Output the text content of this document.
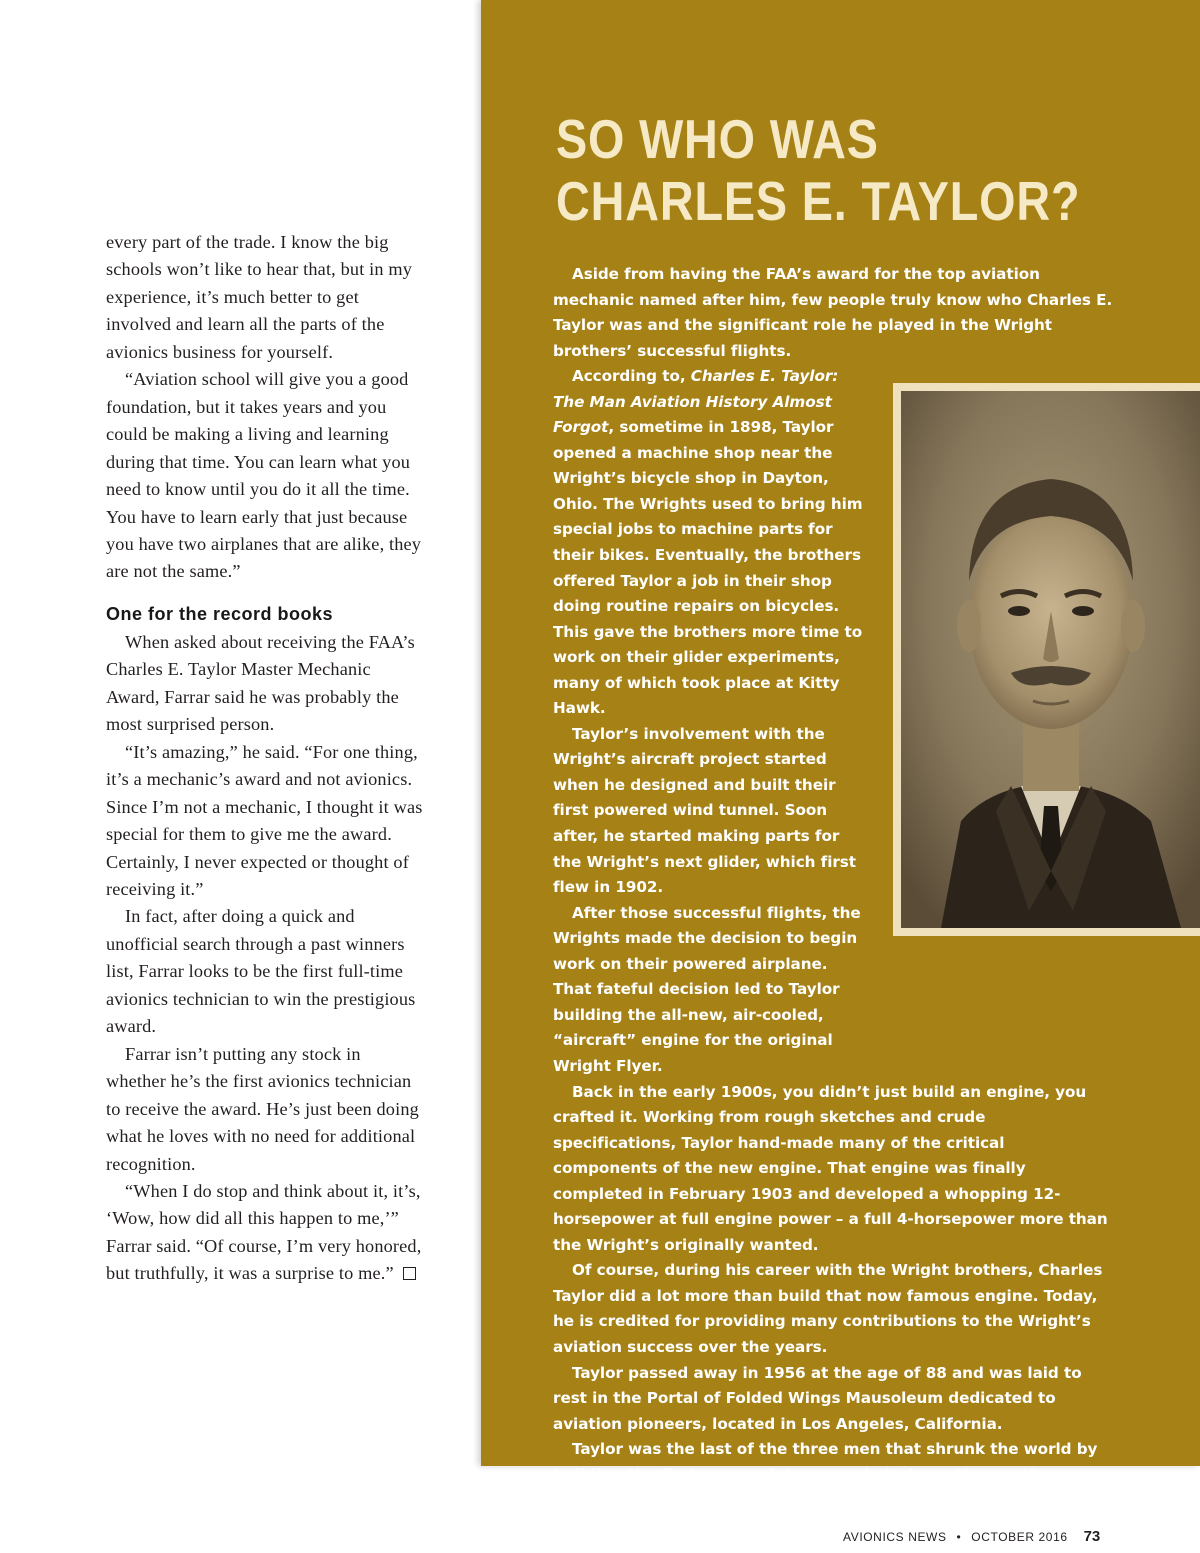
every part of the trade. I know the big schools won’t like to hear that, but in my experience, it’s much better to get involved and learn all the parts of the avionics business for yourself.

“Aviation school will give you a good foundation, but it takes years and you could be making a living and learning during that time. You can learn what you need to know until you do it all the time. You have to learn early that just because you have two airplanes that are alike, they are not the same.”

One for the record books

When asked about receiving the FAA’s Charles E. Taylor Master Mechanic Award, Farrar said he was probably the most surprised person.

“It’s amazing,” he said. “For one thing, it’s a mechanic’s award and not avionics. Since I’m not a mechanic, I thought it was special for them to give me the award. Certainly, I never expected or thought of receiving it.”

In fact, after doing a quick and unofficial search through a past winners list, Farrar looks to be the first full-time avionics technician to win the prestigious award.

Farrar isn’t putting any stock in whether he’s the first avionics technician to receive the award. He’s just been doing what he loves with no need for additional recognition.

“When I do stop and think about it, it’s, ‘Wow, how did all this happen to me,’” Farrar said. “Of course, I’m very honored, but truthfully, it was a surprise to me.”

SO WHO WAS
CHARLES E. TAYLOR?

Aside from having the FAA’s award for the top aviation mechanic named after him, few people truly know who Charles E. Taylor was and the significant role he played in the Wright brothers’ successful flights.

According to, Charles E. Taylor: The Man Aviation History Almost Forgot, sometime in 1898, Taylor opened a machine shop near the Wright’s bicycle shop in Dayton, Ohio. The Wrights used to bring him special jobs to machine parts for their bikes. Eventually, the brothers offered Taylor a job in their shop doing routine repairs on bicycles. This gave the brothers more time to work on their glider experiments, many of which took place at Kitty Hawk.

Taylor’s involvement with the Wright’s aircraft project started when he designed and built their first powered wind tunnel. Soon after, he started making parts for the Wright’s next glider, which first flew in 1902.

After those successful flights, the Wrights made the decision to begin work on their powered airplane. That fateful decision led to Taylor building the all-new, air-cooled, “aircraft” engine for the original Wright Flyer.

Back in the early 1900s, you didn’t just build an engine, you crafted it. Working from rough sketches and crude specifications, Taylor hand-made many of the critical components of the new engine. That engine was finally completed in February 1903 and developed a whopping 12-horsepower at full engine power – a full 4-horsepower more than the Wright’s originally wanted.

Of course, during his career with the Wright brothers, Charles Taylor did a lot more than build that now famous engine. Today, he is credited for providing many contributions to the Wright’s aviation success over the years.

Taylor passed away in 1956 at the age of 88 and was laid to rest in the Portal of Folded Wings Mausoleum dedicated to aviation pioneers, located in Los Angeles, California.

Taylor was the last of the three men that shrunk the world by building the first successful powered airplane. He was the mechanic that made the flight possible.

AVIONICS NEWS • OCTOBER 2016 73
